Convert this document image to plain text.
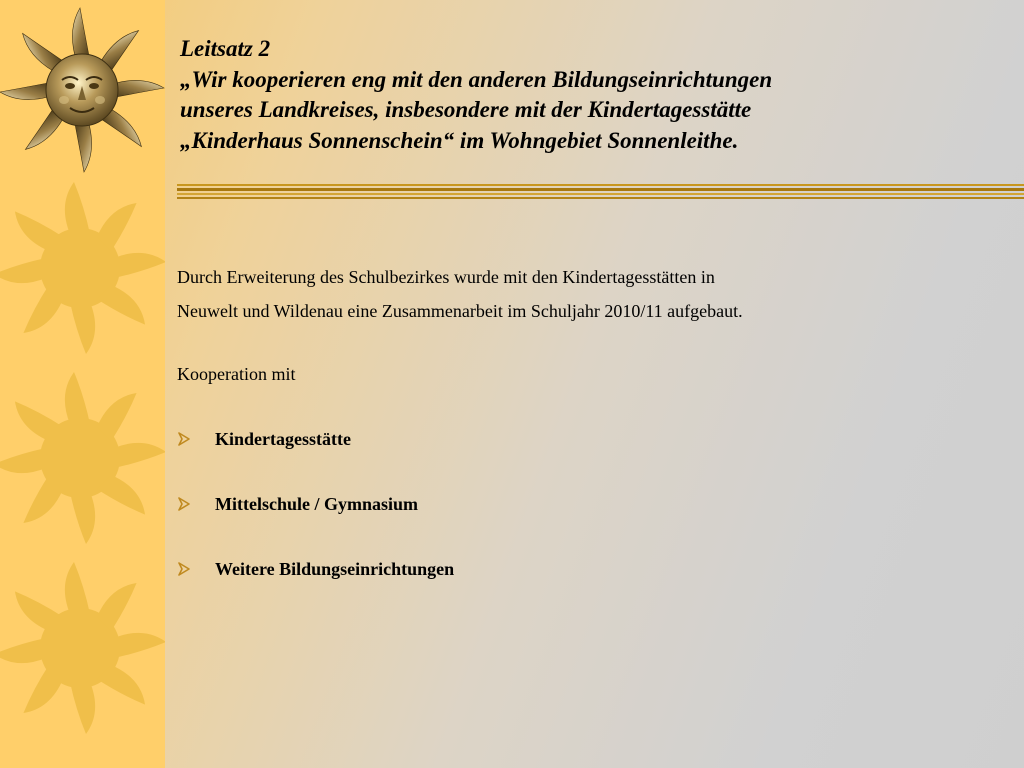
Leitsatz 2
„Wir kooperieren eng mit den anderen Bildungseinrichtungen
unseres Landkreises, insbesondere mit der Kindertagesstätte
„Kinderhaus Sonnenschein“ im Wohngebiet Sonnenleithe.
Durch Erweiterung des Schulbezirkes wurde mit den Kindertagesstätten in
Neuwelt und Wildenau eine Zusammenarbeit im Schuljahr 2010/11 aufgebaut.
Kooperation mit
Kindertagesstätte
Mittelschule / Gymnasium
Weitere Bildungseinrichtungen
